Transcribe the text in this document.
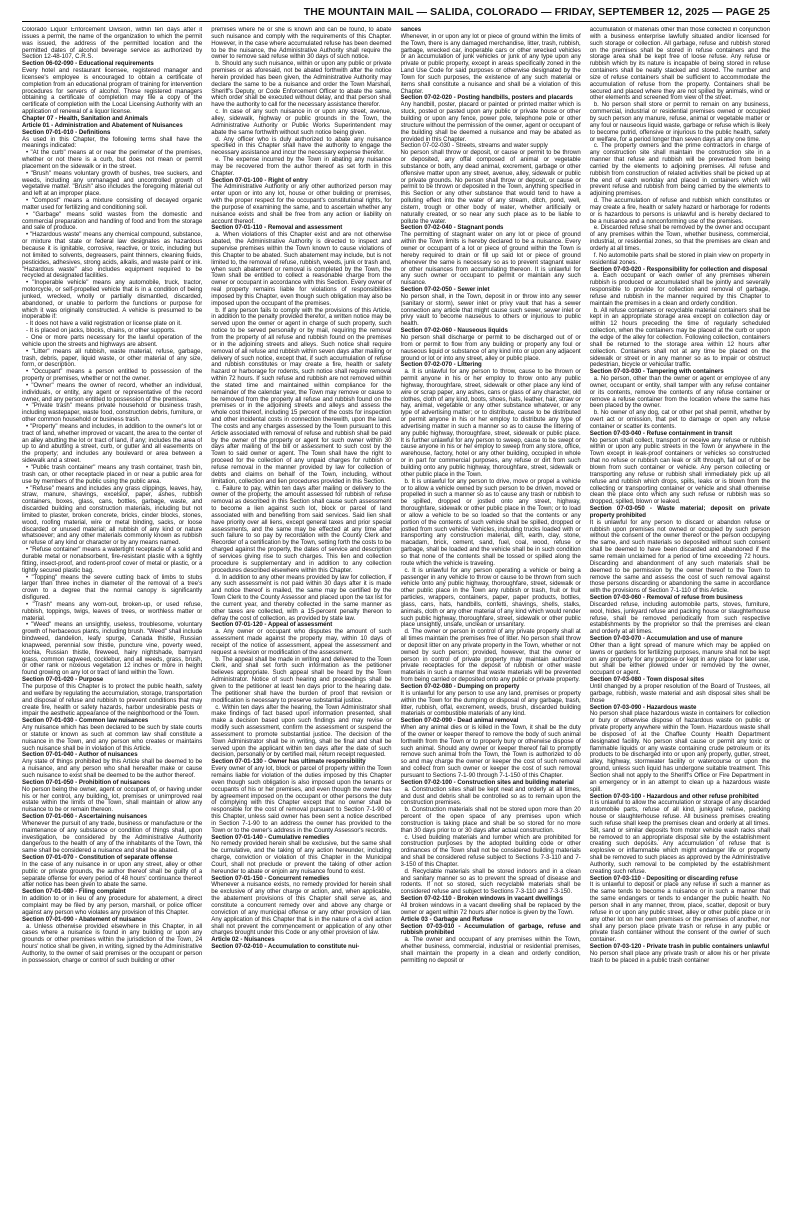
THE MOUNTAIN MAIL — SALIDA, COLORADO — FRIDAY, SEPTEMBER 12, 2025 — PAGE 25

Colorado Liquor Enforcement Division, within ten days after it issues a permit, the name of the organization to which the permit was issued, the address of the permitted location and the permitted dates of alcohol beverage service as authorized by Section 12-48-107, C.R.S.

Section 06-02-090 - Educational requirements

Every hotel and restaurant licensee, registered manager and licensee's employee is encouraged to obtain a certificate of completion from an educational program of training for intervention procedures for servers of alcohol. Those registered managers obtaining a certificate of completion may file a copy of the certificate of completion with the Local Licensing Authority with an application of renewal of a liquor license.

Chapter 07 - Health, Sanitation and Animals

Article 01 - Administration and Abatement of Nuisances

Section 07-01-010 - Definitions

As used in this Chapter, the following terms shall have the meanings indicated:

• "At the curb" means at or near the perimeter of the premises, whether or not there is a curb, but does not mean or permit placement on the sidewalk or in the street.

• "Brush" means voluntary growth of bushes, tree suckers, and weeds, including any unmanaged and uncontrolled growth of vegetative matter. "Brush" also includes the foregoing material cut and left at an improper place.

• "Compost" means a mixture consisting of decayed organic matter used for fertilizing and conditioning soil.

• "Garbage" means solid wastes from the domestic and commercial preparation and handling of food and from the storage and sale of produce.

• "Hazardous waste" means any chemical compound, substance, or mixture that state or federal law designates as hazardous because it is ignitable, corrosive, reactive, or toxic, including but not limited to solvents, degreasers, paint thinners, cleaning fluids, pesticides, adhesives, strong acids, alkalis, and waste paint or ink. "Hazardous waste" also includes equipment required to be recycled at designated facilities.

• "Inoperable vehicle" means any automobile, truck, tractor, motorcycle, or self-propelled vehicle that is in a condition of being junked, wrecked, wholly or partially dismantled, discarded, abandoned, or unable to perform the functions or purpose for which it was originally constructed. A vehicle is presumed to be inoperable if:

- It does not have a valid registration or license plate on it.

- It is placed on jacks, blocks, chains, or other supports.

- One or more parts necessary for the lawful operation of the vehicle upon the streets and highways are absent.

• "Litter" means all rubbish, waste material, refuse, garbage, trash, debris, paper, liquid waste, or other material of any size, form, or description.

• "Occupant" means a person entitled to possession of the property or premises, whether or not the owner.

• "Owner" means the owner of record, whether an individual, individuals, or entity, any agent or representative of the record owner, and any person entitled to possession of the premises.

• "Private trash" means private household or business trash, including wastepaper, waste food, construction debris, furniture, or other common household or business trash.

• "Property" means and includes, in addition to the owner's lot or tract of land, whether improved or vacant, the area to the center of an alley abutting the lot or tract of land, if any; includes the area of up to and abutting a street, curb, or gutter and all easements on the property; and includes any boulevard or area between a sidewalk and a street.

• "Public trash container" means any trash container, trash bin, trash can, or other receptacle placed in or near a public area for use by members of the public using the public area.

• "Refuse" means and includes any grass clippings, leaves, hay, straw, manure, shavings, excelsior, paper, ashes, rubbish containers, boxes, glass, cans, bottles, garbage, waste, and discarded building and construction materials, including but not limited to plaster, broken concrete, bricks, cinder blocks, stones, wood, roofing material, wire or metal binding, sacks, or loose discarded or unused material; all rubbish of any kind or nature whatsoever; and any other materials commonly known as rubbish or refuse of any kind or character or by any means named.

• "Refuse container" means a watertight receptacle of a solid and durable metal or nonabsorbent, fire-resistant plastic with a tightly fitting, insect-proof, and rodent-proof cover of metal or plastic, or a tightly secured plastic bag.

• "Topping" means the severe cutting back of limbs to stubs larger than three inches in diameter or the removal of a tree's crown to a degree that the normal canopy is significantly disfigured.

• "Trash" means any worn-out, broken-up, or used refuse, rubbish, toppings, twigs, leaves of trees, or worthless matter or material.

• "Weed" means an unsightly, useless, troublesome, voluntary growth of herbaceous plants, including brush. "Weed" shall include bindweed, dandelion, leafy spurge, Canada thistle, Russian knapweed, perennial sow thistle, puncture vine, poverty weed, kochia, Russian thistle, fireweed, hairy nightshade, barnyard grass, common ragweed, cocklebur, and all weeds, grass, brush, or other rank or noxious vegetation 12 inches or more in height found growing on any lot or tract of land within the Town.

Section 07-01-020 - Purpose

The purpose of this Chapter is to protect the public health, safety and welfare by regulating the accumulation, storage, transportation and disposal of refuse and rubbish to prevent conditions that may create fire, health or safety hazards, harbor undesirable pests or impair the aesthetic appearance of the neighborhood or the Town.

Section 07-01-030 - Common law nuisances

Any nuisance which has been declared to be such by state courts or statute or known as such at common law shall constitute a nuisance in the Town, and any person who creates or maintains such nuisance shall be in violation of this Article.

Section 07-01-040 - Author of nuisances

Any state of things prohibited by this Article shall be deemed to be a nuisance, and any person who shall hereafter make or cause such nuisance to exist shall be deemed to be the author thereof.

Section 07-01-050 - Prohibition of nuisances

No person being the owner, agent or occupant of, or having under his or her control, any building, lot, premises or unimproved real estate within the limits of the Town, shall maintain or allow any nuisance to be or remain thereon.

Section 07-01-060 - Ascertaining nuisances

Whenever the pursuit of any trade, business or manufacture or the maintenance of any substance or condition of things shall, upon investigation, be considered by the Administrative Authority dangerous to the health of any of the inhabitants of the Town, the same shall be considered a nuisance and shall be abated.

Section 07-01-070 - Constitution of separate offense

In the case of any nuisance in or upon any street, alley or other public or private grounds, the author thereof shall be guilty of a separate offense for every period of 48 hours' continuance thereof after notice has been given to abate the same.

Section 07-01-080 - Filing complaint

In addition to or in lieu of any procedure for abatement, a direct complaint may be filed by any person, marshall, or police officer against any person who violates any provision of this Chapter.

Section 07-01-090 - Abatement of nuisance

a. Unless otherwise provided elsewhere in this Chapter, in all cases where a nuisance is found in any building or upon any grounds or other premises within the jurisdiction of the Town, 24 hours' notice shall be given, in writing, signed by the Administrative Authority, to the owner of said premises or the occupant or person in possession, charge or control of such building or other

premises where he or she is known and can be found, to abate such nuisance and comply with the requirements of this Chapter. However, in the case where accumulated refuse has been deemed to be the nuisance, the Administrative Authority shall require the owner to remove said refuse within 30 days of such notice.

b. Should any such nuisance, within or upon any public or private premises or as aforesaid, not be abated forthwith after the notice herein provided has been given, the Administrative Authority may declare the same to be a nuisance and order the Town Marshall, Sheriff's Deputy, or Code Enforcement Officer to abate the same, which order shall be executed without delay, and that person shall have the authority to call for the necessary assistance therefor.

c. In case of any such nuisance in or upon any street, avenue, alley, sidewalk, highway or public grounds in the Town, the Administrative Authority or Public Works Superintendent may abate the same forthwith without such notice being given.

d. Any officer who is duly authorized to abate any nuisance specified in this Chapter shall have the authority to engage the necessary assistance and incur the necessary expense therefor.

e. The expense incurred by the Town in abating any nuisance may be recovered from the author thereof as set forth in this Chapter.

Section 07-01-100 - Right of entry

The Administrative Authority or any other authorized person may enter upon or into any lot, house or other building or premises, with the proper respect for the occupant's constitutional rights, for the purpose of examining the same, and to ascertain whether any nuisance exists and shall be free from any action or liability on account thereof.

Section 07-01-110 - Removal and assessment

a. When violations of this Chapter exist and are not otherwise abated, the Administrative Authority is directed to inspect and supervise premises within the Town known to cause violations of this Chapter to be abated. Such abatement may include, but is not limited to, the removal of refuse, rubbish, weeds, junk or trash and, when such abatement or removal is completed by the Town, the Town shall be entitled to collect a reasonable charge from the owner or occupant in accordance with this Section. Every owner of real property remains liable for violations of responsibilities imposed by this Chapter, even though such obligation may also be imposed upon the occupant of the premises.

b. If any person fails to comply with the provisions of this Article, in addition to the penalty provided therefor, a written notice may be served upon the owner or agent in charge of such property, such notice to be served personally or by mail, requiring the removal from the property of all refuse and rubbish found on the premises or in the adjoining streets and alleys. Such notice shall require removal of all refuse and rubbish within seven days after mailing or delivery of such notice, except that, if such accumulation of refuse and rubbish constitutes or may create a fire, health or safety hazard or harborage for rodents, such notice shall require removal within 72 hours. If such refuse and rubbish are not removed within the stated time and maintained within compliance for the remainder of the calendar year, the Town may remove or cause to be removed from the property all refuse and rubbish found on the premises or in the adjoining streets and alleys and assess the whole cost thereof, including 15 percent of the costs for inspection and other incidental costs in connection therewith, upon the land. The costs and any charges assessed by the Town pursuant to this Article associated with removal of refuse and rubbish shall be paid by the owner of the property or agent for such owner within 30 days after mailing of the bill or assessment to such cost by the Town to said owner or agent. The Town shall have the right to proceed for the collection of any unpaid charges for rubbish or refuse removal in the manner provided by law for collection of debts and claims on behalf of the Town, including, without limitation, collection and lien procedures provided in this Section.

c. Failure to pay, within ten days after mailing or delivery to the owner of the property, the amount assessed for rubbish or refuse removal as described in this Section shall cause such assessment to become a lien against such lot, block or parcel of land associated with and benefiting from said services. Said lien shall have priority over all liens, except general taxes and prior special assessments, and the same may be effected at any time after such failure to so pay by recordation with the County Clerk and Recorder of a certification by the Town, setting forth the costs to be charged against the property, the dates of service and description of services giving rise to such charges. This lien and collection procedure is supplementary and in addition to any collection procedures described elsewhere within this Chapter.

d. In addition to any other means provided by law for collection, if any such assessment is not paid within 30 days after it is made and notice thereof is mailed, the same may be certified by the Town Clerk to the County Assessor and placed upon the tax list for the current year, and thereby collected in the same manner as other taxes are collected, with a 15-percent penalty thereon to defray the cost of collection, as provided by state law.

Section 07-01-120 - Appeal of assessment

a. Any owner or occupant who disputes the amount of such assessment made against the property may, within 10 days of receipt of the notice of assessment, appeal the assessment and request a revision or modification of the assessment.

b. The appeal shall be made in writing and delivered to the Town Clerk, and shall set forth such information as the petitioner believes appropriate. Such appeal shall be heard by the Town Administrator. Notice of such hearing and proceedings shall be given to the petitioner at least ten days prior to the hearing date. The petitioner shall have the burden of proof that revision or modification is necessary to preserve substantial justice.

c. Within ten days after the hearing, the Town Administrator shall make findings of fact based upon information presented, shall make a decision based upon such findings and may revise or modify such assessment, confirm the assessment or suspend the assessment to promote substantial justice. The decision of the Town Administrator shall be in writing, shall be final and shall be served upon the applicant within ten days after the date of such decision, personally or by certified mail, return receipt requested.

Section 07-01-130 - Owner has ultimate responsibility

Every owner of any lot, block or parcel of property within the Town remains liable for violation of the duties imposed by this Chapter even though such obligation is also imposed upon the tenants or occupants of his or her premises, and even though the owner has by agreement imposed on the occupant or other persons the duty of complying with this Chapter except that no owner shall be responsible for the cost of removal pursuant to Section 7-1-90 of this Chapter, unless said owner has been sent a notice described in Section 7-1-90 to an address the owner has provided to the Town or to the owner's address in the County Assessor's records.

Section 07-01-140 - Cumulative remedies

No remedy provided herein shall be exclusive, but the same shall be cumulative, and the taking of any action hereunder, including charge, conviction or violation of this Chapter in the Municipal Court, shall not preclude or prevent the taking of other action hereunder to abate or enjoin any nuisance found to exist.

Section 07-01-150 - Concurrent remedies

Whenever a nuisance exists, no remedy provided for herein shall be exclusive of any other charge or action, and, when applicable, the abatement provisions of this Chapter shall serve as, and constitute a concurrent remedy over and above any charge or conviction of any municipal offense or any other provision of law. Any application of this Chapter that is in the nature of a civil action shall not prevent the commencement or application of any other charges brought under this Code or any other provision of law.

Article 02 - Nuisances

Section 07-02-010 - Accumulation to constitute nui-

sances

Whenever, in or upon any lot or piece of ground within the limits of the Town, there is any damaged merchandise, litter, trash, rubbish, garbage, wrecked car, inoperable cars or other wrecked vehicles or an accumulation of junk vehicles or junk of any type upon any private or public property, except in areas specifically zoned in the Land Use Code for said purposes or otherwise designated by the Town for such purposes, the existence of any such material or items shall constitute a nuisance and shall be a violation of this Chapter.

Section 07-02-020 - Posting handbills, posters and placards

Any handbill, poster, placard or painted or printed matter which is stuck, posted or pasted upon any public or private house or other building or upon any fence, power pole, telephone pole or other structure without the permission of the owner, agent or occupant of the building shall be deemed a nuisance and may be abated as provided in this Chapter.

Section 07-02-030 - Streets, streams and water supply

No person shall throw or deposit, or cause or permit to be thrown or deposited, any offal composed of animal or vegetable substance or both, any dead animal, excrement, garbage or other offensive matter upon any street, avenue, alley, sidewalk or public or private grounds. No person shall throw or deposit, or cause or permit to be thrown or deposited in the Town, anything specified in this Section or any other substance that would tend to have a polluting effect into the water of any stream, ditch, pond, well, cistern, trough or other body of water, whether artificially or naturally created, or so near any such place as to be liable to pollute the water.

Section 07-02-040 - Stagnant ponds

The permitting of stagnant water on any lot or piece of ground within the Town limits is hereby declared to be a nuisance. Every owner or occupant of a lot or piece of ground within the Town is hereby required to drain or fill up said lot or piece of ground whenever the same is necessary so as to prevent stagnant water or other nuisances from accumulating thereon. It is unlawful for any such owner or occupant to permit or maintain any such nuisance.

Section 07-02-050 - Sewer inlet

No person shall, in the Town, deposit in or throw into any sewer (sanitary or storm), sewer inlet or privy vault that has a sewer connection any article that might cause such sewer, sewer inlet or privy vault to become nauseous to others or injurious to public health.

Section 07-02-060 - Nauseous liquids

No person shall discharge or permit to be discharged out of or from or permit to flow from any building or property any foul or nauseous liquid or substance of any kind into or upon any adjacent ground or lot or into any street, alley or public place.

Section 07-02-070 - Littering

a. It is unlawful for any person to throw, cause to be thrown or permit anyone in his or her employ to throw onto any public highway, thoroughfare, street, sidewalk or other place any kind of wire or scrap paper, any ashes, cans or glass of any character, old clothes, cloth of any kind, boots, shoes, hats, leather, hair, straw or hay, animal, vegetable or any other substance whatever, or any type of advertising matter; or to distribute, cause to be distributed or permit anyone in his or her employ to distribute any type of advertising matter in such a manner so as to cause the littering of any public highway, thoroughfare, street, sidewalk or public place. It is further unlawful for any person to sweep, cause to be swept or cause anyone in his or her employ to sweep from any store, office, warehouse, factory, hotel or any other building, occupied in whole or in part for commercial purposes, any refuse or dirt from such building onto any public highway, thoroughfare, street, sidewalk or other public place in the Town.

b. It is unlawful for any person to drive, move or propel a vehicle or to allow a vehicle owned by such person to be driven, moved or propelled in such a manner so as to cause any trash or rubbish to be spilled, dropped or jostled onto any street, highway, thoroughfare, sidewalk or other public place in the Town; or to load or allow a vehicle to be so loaded so that the contents or any portion of the contents of such vehicle shall be spilled, dropped or jostled from such vehicle. Vehicles, including trucks loaded with or transporting any construction material, dirt, earth, clay, stone, macadam, brick, cement, sand, fuel, coal, wood, refuse or garbage, shall be loaded and the vehicle shall be in such condition so that none of the contents shall be tossed or spilled along the route which the vehicle is traveling.

c. It is unlawful for any person operating a vehicle or being a passenger in any vehicle to throw or cause to be thrown from such vehicle onto any public highway, thoroughfare, street, sidewalk or other public place in the Town any rubbish or trash, fruit or fruit particles, wrappers, containers, paper, paper products, bottles, glass, cans, hats, handbills, confetti, shavings, shells, stalks, animals, cloth or any other material of any kind which would render such public highway, thoroughfare, street, sidewalk or other public place unsightly, unsafe, unclean or unsanitary.

d. The owner or person in control of any private property shall at all times maintain the premises free of litter. No person shall throw or deposit litter on any private property in the Town, whether or not owned by such person; provided, however, that the owner or person in control of private property may maintain authorized private receptacles for the deposit of rubbish or other waste materials in such a manner that waste materials will be prevented from being carried or deposited onto any public or private property.

Section 07-02-080 - Dumping on property

It is unlawful for any person to use any land, premises or property within the Town for the dumping or disposal of any garbage, trash, litter, rubbish, offal, excrement, weeds, brush, discarded building materials or combustible materials of any kind.

Section 07-02-090 - Dead animal removal

When any animal dies or is killed in the Town, it shall be the duty of the owner or keeper thereof to remove the body of such animal forthwith from the Town or to properly bury or otherwise dispose of such animal. Should any owner or keeper thereof fail to promptly remove such animal from the Town, the Town is authorized to do so and may charge the owner or keeper the cost of such removal and collect from such owner or keeper the cost of such removal pursuant to Sections 7-1-90 through 7-1-150 of this Chapter.

Section 07-02-100 - Construction sites and building material

a. Construction sites shall be kept neat and orderly at all times, and dust and debris shall be controlled so as to remain upon the construction premises.

b. Construction materials shall not be stored upon more than 20 percent of the open space of any premises upon which construction is taking place and shall be so stored for no more than 30 days prior to or 30 days after actual construction.

c. Used building materials and lumber which are prohibited for construction purposes by the adopted building code or other ordinances of the Town shall not be considered building materials and shall be considered refuse subject to Sections 7-3-110 and 7-3-150 of this Chapter.

d. Recyclable materials shall be stored indoors and in a clean and sanitary manner so as to prevent the spread of disease and rodents. If not so stored, such recyclable materials shall be considered refuse and subject to Sections 7-3-110 and 7-3-150.

Section 07-02-110 - Broken windows in vacant dwellings

All broken windows in a vacant dwelling shall be replaced by the owner or agent within 72 hours after notice is given by the Town.

Article 03 - Garbage and Refuse

Section 07-03-010 - Accumulation of garbage, refuse and rubbish prohibited

a. The owner and occupant of any premises within the Town, whether business, commercial, industrial or residential premises, shall maintain the property in a clean and orderly condition, permitting no deposit or

accumulation of materials other than those collected in conjunction with a business enterprise lawfully situated and/or licensed for such storage or collection. All garbage, refuse and rubbish stored on the premises shall be stored in refuse containers and the storage area shall be kept free of loose refuse. Any refuse or rubbish which by its nature is incapable of being stored in refuse containers shall be neatly stacked and stored. The number and size of refuse containers shall be sufficient to accommodate the accumulation of refuse from the property. Containers shall be secured and placed where they are not spilled by animals, wind or other elements and screened from view of the street.

b. No person shall store or permit to remain on any business, commercial, industrial or residential premises owned or occupied by such person any manure, refuse, animal or vegetable matter or any foul or nauseous liquid waste, garbage or refuse which is likely to become putrid, offensive or injurious to the public health, safety or welfare, for a period longer than seven days at any one time.

c. The property owners and the prime contractors in charge of any construction site shall maintain the construction site in a manner that refuse and rubbish will be prevented from being carried by the elements to adjoining premises. All refuse and rubbish from construction of related activities shall be picked up at the end of each workday and placed in containers which will prevent refuse and rubbish from being carried by the elements to adjoining premises.

d. The accumulation of refuse and rubbish which constitutes or may create a fire, health or safety hazard or harborage for rodents or is hazardous to persons is unlawful and is hereby declared to be a nuisance and a nonconforming use of the premises.

e. Discarded refuse shall be removed by the owner and occupant of any premises within the Town, whether business, commercial, industrial, or residential zones, so that the premises are clean and orderly at all times.

f. No automobile parts shall be stored in plain view on property in residential zones.

Section 07-03-020 - Responsibility for collection and disposal

a. Each occupant or each owner of any premises wherein rubbish is produced or accumulated shall be jointly and severally responsible to provide for collection and removal of garbage, refuse and rubbish in the manner required by this Chapter to maintain the premises in a clean and orderly condition.

b. All refuse containers or recyclable material containers shall be kept in an appropriate storage area except on collection day or within 12 hours preceding the time of regularly scheduled collection, when the containers may be placed at the curb or upon the edge of the alley for collection. Following collection, containers shall be returned to the storage area within 12 hours after collection. Containers shall not at any time be placed on the sidewalk or street or in any manner so as to impair or obstruct pedestrian, bicycle or vehicular traffic.

Section 07-03-030 - Tampering with containers

a. No person, other than the owner or agent or employee of any owner, occupant or entity, shall tamper with any refuse container or its contents, remove the contents of any refuse container or remove a refuse container from the location where the same has been placed by the owner.

b. No owner of any dog, cat or other pet shall permit, whether by overt act or omission, that pet to damage or open any refuse container or scatter its contents.

Section 07-03-040 - Refuse containment in transit

No person shall collect, transport or receive any refuse or rubbish within or upon any public streets in the Town or anywhere in the Town except in leak-proof containers or vehicles so constructed that no refuse or rubbish can leak or sift through, fall out of or be blown from such container or vehicle. Any person collecting or transporting any refuse or rubbish shall immediately pick up all refuse and rubbish which drops, spills, leaks or is blown from the collecting or transporting container or vehicle and shall otherwise clean the place onto which any such refuse or rubbish was so dropped, spilled, blown or leaked.

Section 07-03-050 - Waste material; deposit on private property prohibited

It is unlawful for any person to discard or abandon refuse or rubbish upon premises not owned or occupied by such person without the consent of the owner thereof or the person occupying the same, and such materials so deposited without such consent shall be deemed to have been discarded and abandoned if the same remain unclaimed for a period of time exceeding 72 hours. Discarding and abandonment of any such materials shall be deemed to be permission by the owner thereof to the Town to remove the same and assess the cost of such removal against those persons discarding or abandoning the same in accordance with the provisions of Section 7-1-110 of this Article.

Section 07-03-060 - Removal of refuse from business

Discarded refuse, including automobile parts, stoves, furniture, wool, hides, junkyard refuse and packing house or slaughterhouse refuse, shall be removed periodically from such respective establishments by the proprietor so that the premises are clean and orderly at all times.

Section 07-03-070 - Accumulation and use of manure

Other than a light spread of manure which may be applied on lawns or gardens for fertilizing purposes, manure shall not be kept on any property for any purpose or kept in any place for later use, but shall be either plowed under or removed by the owner, occupant or agent.

Section 07-03-080 - Town disposal sites

Until changed by a proper resolution of the Board of Trustees, all garbage, rubbish, waste material and ash disposal sites shall be those

Section 07-03-090 - Hazardous waste

No person shall place hazardous waste in containers for collection or bury or otherwise dispose of hazardous waste on public or private property anywhere within the Town. Hazardous waste shall be disposed of at the Chaffee County Health Department designated facility. No person shall cause or permit any toxic or flammable liquids or any waste containing crude petroleum or its products to be discharged into or upon any property, gutter, street, alley, highway, stormwater facility or watercourse or upon the ground, unless such liquid has undergone suitable treatment. This Section shall not apply to the Sheriff's Office or Fire Department in an emergency or in an attempt to clean up a hazardous waste spill.

Section 07-03-100 - Hazardous and other refuse prohibited

It is unlawful to allow the accumulation or storage of any discarded automobile parts, refuse of all kind, junkyard refuse, packing house or slaughterhouse refuse. All business premises creating such refuse shall keep the premises clean and orderly at all times. Silt, sand or similar deposits from motor vehicle wash racks shall be removed to an appropriate disposal site by the establishment creating such deposits. Any accumulation of refuse that is explosive or inflammable which might endanger life or property shall be removed to such places as approved by the Administrative Authority, such removal to be completed by the establishment creating such refuse.

Section 07-03-110 - Depositing or discarding refuse

It is unlawful to deposit or place any refuse in such a manner as the same tends to become a nuisance or in such a manner that the same endangers or tends to endanger the public health. No person shall in any manner, throw, place, scatter, deposit or bury refuse in or upon any public street, alley or other public place or in any other lot on her own premises or the premises of another, nor shall any person place private trash or refuse in any public or private trash container without the consent of the owner of such container.

Section 07-03-120 - Private trash in public containers unlawful

No person shall place any private trash or allow his or her private trash to be placed in a public trash container
